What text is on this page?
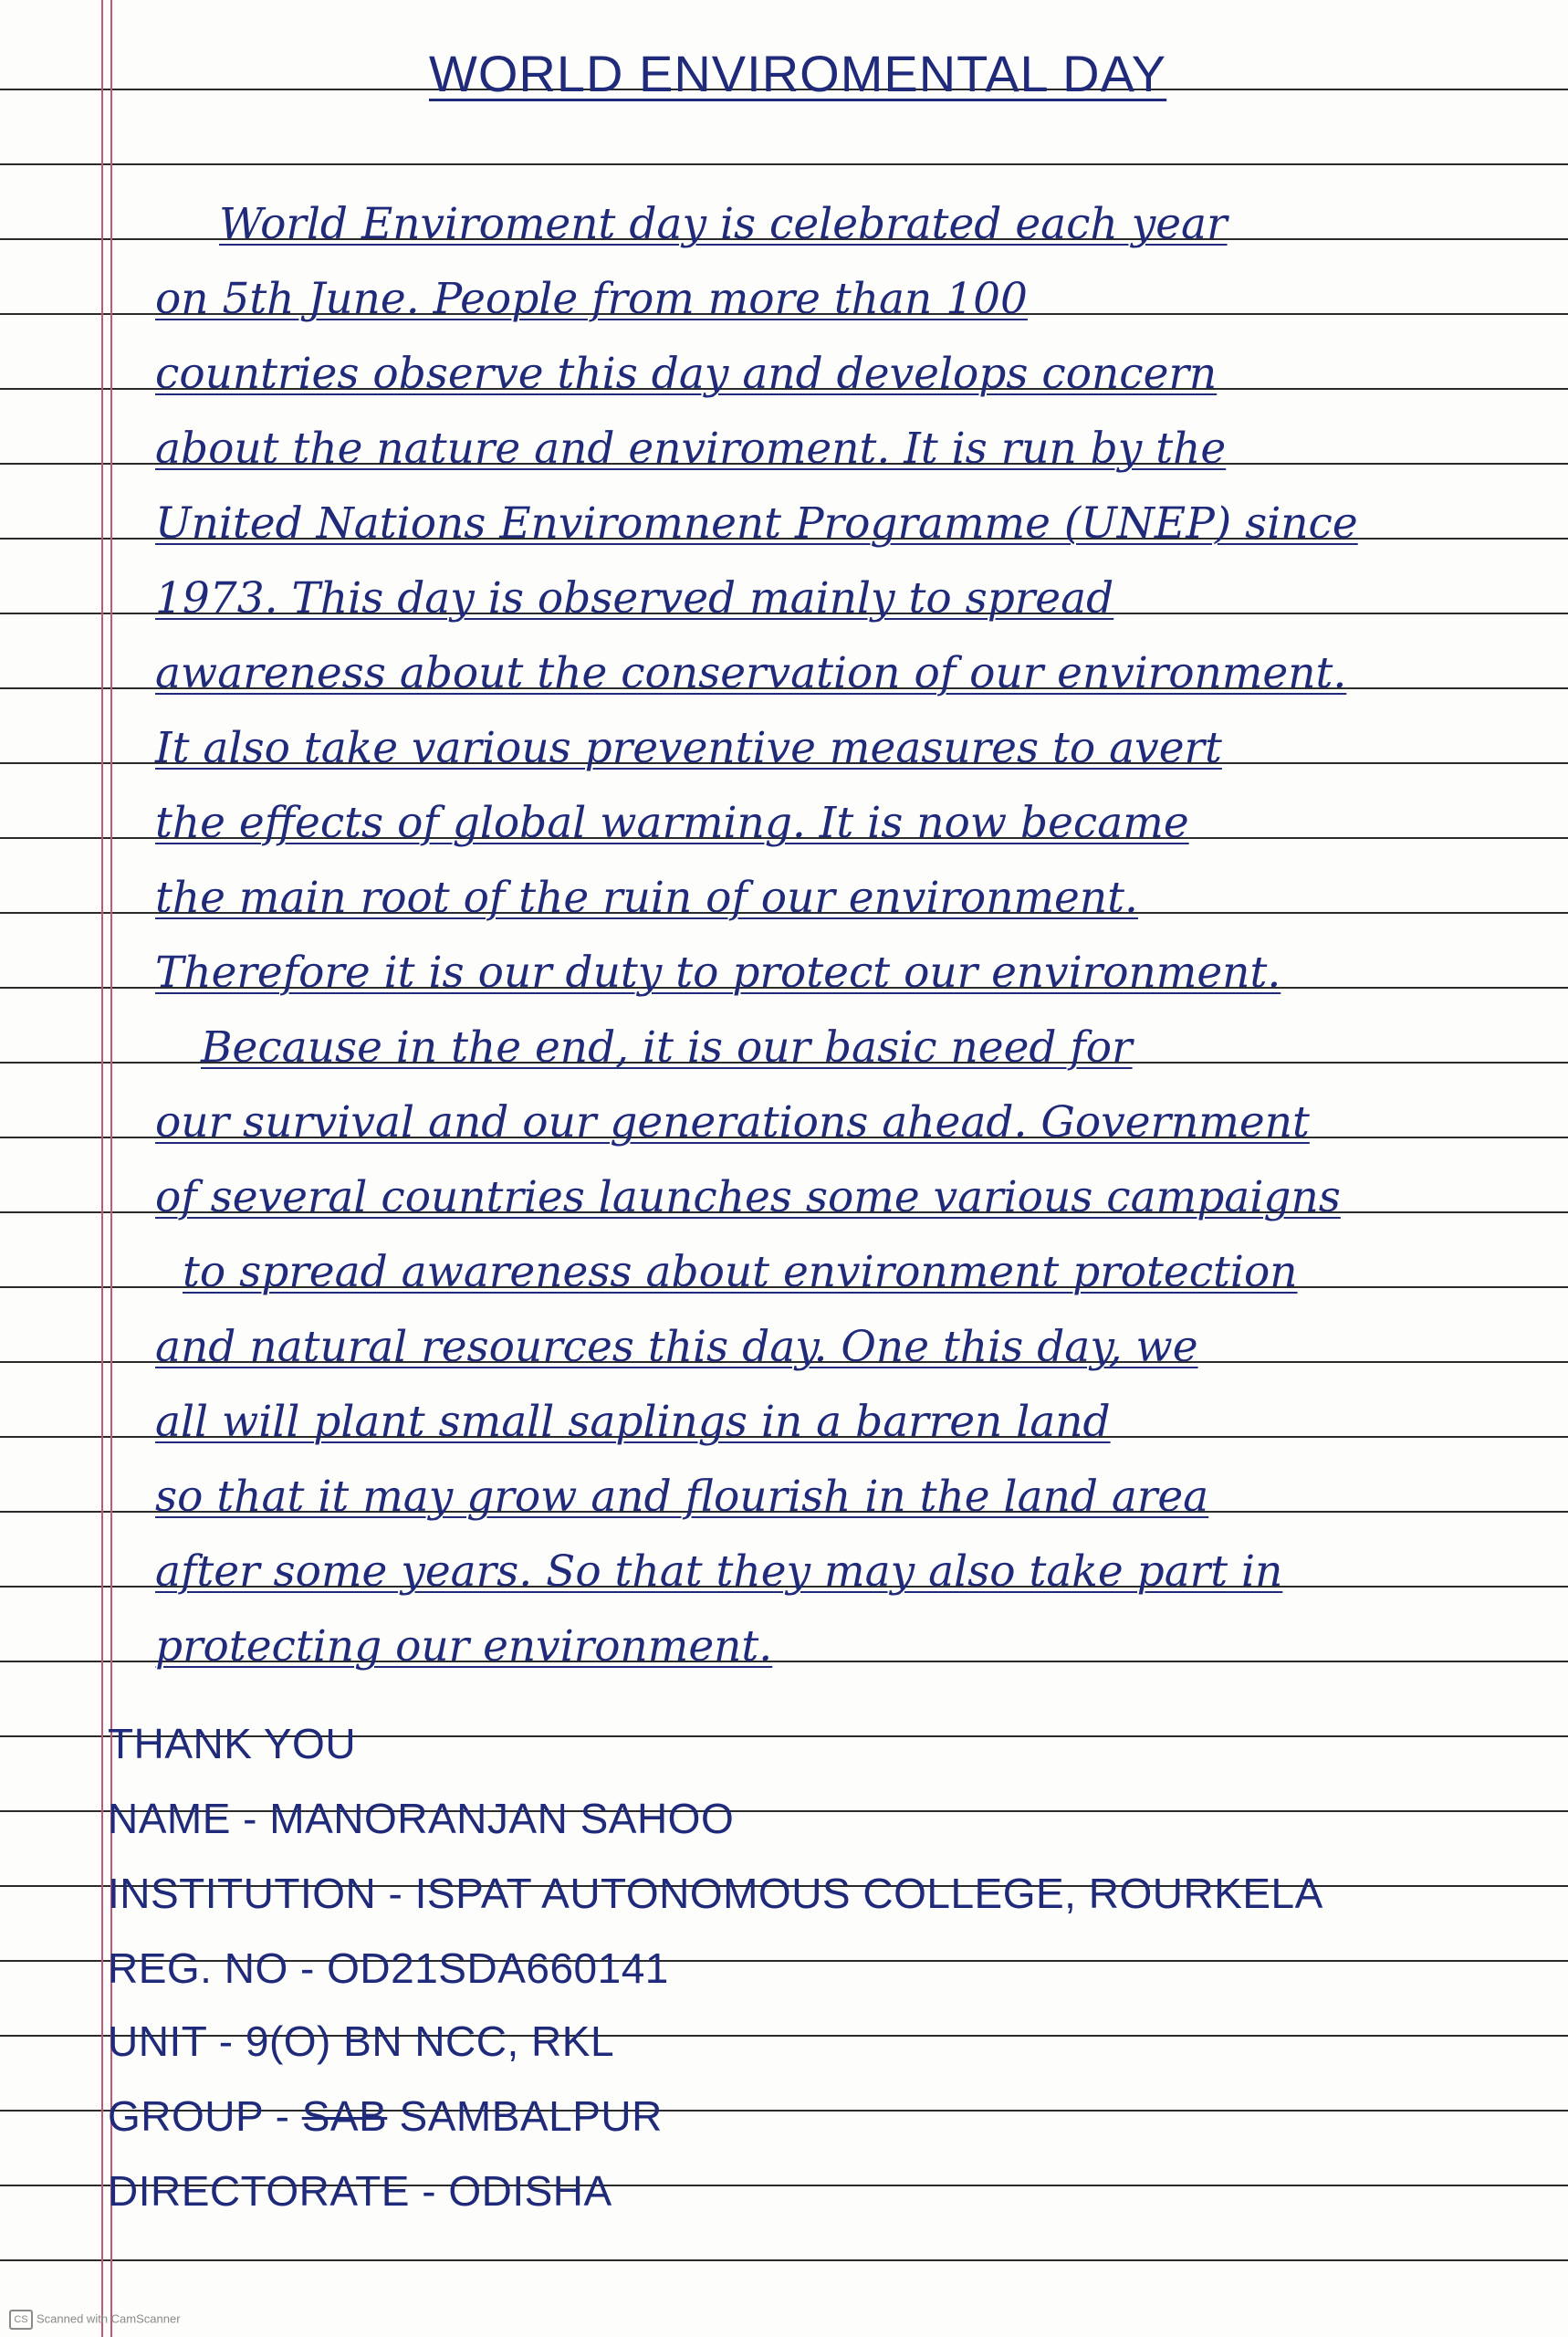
WORLD ENVIROMENTAL DAY
World Enviroment day is celebrated each year
on 5th June. People from more than 100
countries observe this day and develops concern
about the nature and enviroment. It is run by the
United Nations Enviromnent Programme (UNEP) since
1973. This day is observed mainly to spread
awareness about the conservation of our environment.
It also take various preventive measures to avert
the effects of global warming. It is now became
the main root of the ruin of our environment.
Therefore it is our duty to protect our environment.
Because in the end, it is our basic need for
our survival and our generations ahead. Government
of several countries launches some various campaigns
to spread awareness about environment protection
and natural resources this day. One this day, we
all will plant small saplings in a barren land
so that it may grow and flourish in the land area
after some years. So that they may also take part in
protecting our environment.
THANK YOU
NAME - MANORANJAN SAHOO
INSTITUTION - ISPAT AUTONOMOUS COLLEGE, ROURKELA
REG. NO - OD21SDA660141
UNIT - 9(O) BN NCC, RKL
GROUP - SAB SAMBALPUR
DIRECTORATE - ODISHA
CS Scanned with CamScanner
